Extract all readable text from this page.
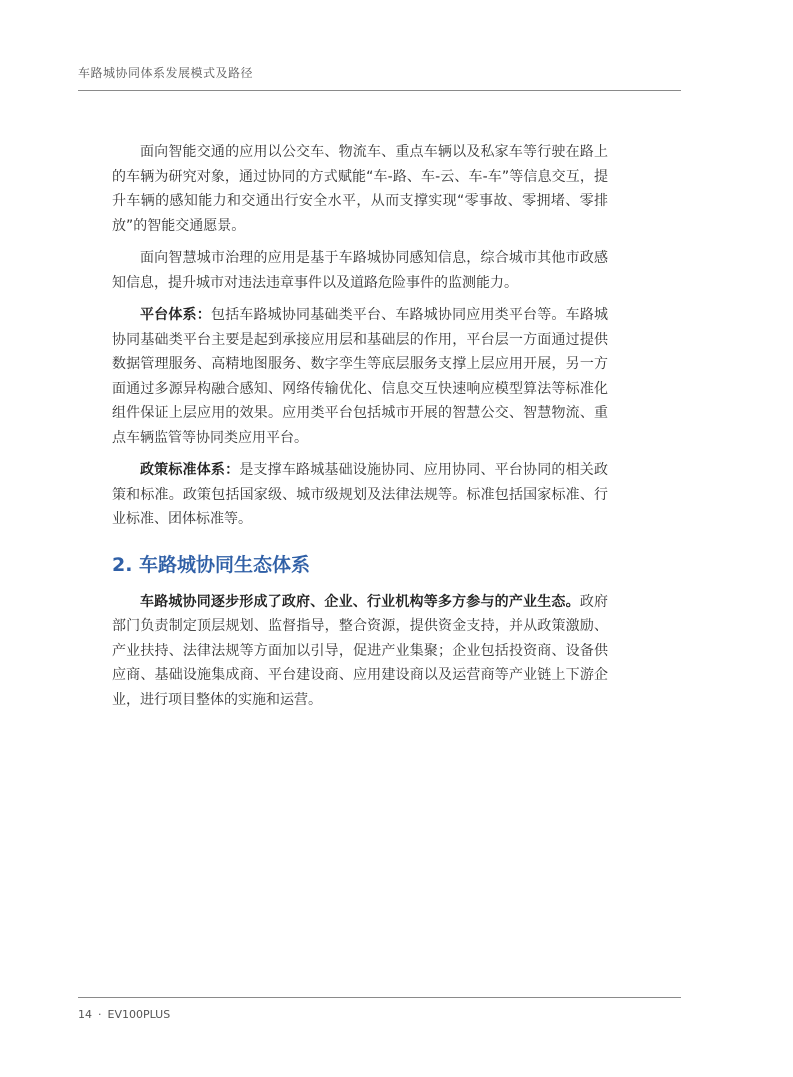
车路城协同体系发展模式及路径

面向智能交通的应用以公交车、物流车、重点车辆以及私家车等行驶在路上的车辆为研究对象，通过协同的方式赋能“车-路、车-云、车-车”等信息交互，提升车辆的感知能力和交通出行安全水平，从而支撑实现“零事故、零拥堵、零排放”的智能交通愿景。

面向智慧城市治理的应用是基于车路城协同感知信息，综合城市其他市政感知信息，提升城市对违法违章事件以及道路危险事件的监测能力。

平台体系：包括车路城协同基础类平台、车路城协同应用类平台等。车路城协同基础类平台主要是起到承接应用层和基础层的作用，平台层一方面通过提供数据管理服务、高精地图服务、数字孪生等底层服务支撑上层应用开展，另一方面通过多源异构融合感知、网络传输优化、信息交互快速响应模型算法等标准化组件保证上层应用的效果。应用类平台包括城市开展的智慧公交、智慧物流、重点车辆监管等协同类应用平台。

政策标准体系：是支撑车路城基础设施协同、应用协同、平台协同的相关政策和标准。政策包括国家级、城市级规划及法律法规等。标准包括国家标准、行业标准、团体标准等。

2. 车路城协同生态体系

车路城协同逐步形成了政府、企业、行业机构等多方参与的产业生态。政府部门负责制定顶层规划、监督指导，整合资源，提供资金支持，并从政策激励、产业扶持、法律法规等方面加以引导，促进产业集聚；企业包括投资商、设备供应商、基础设施集成商、平台建设商、应用建设商以及运营商等产业链上下游企业，进行项目整体的实施和运营。

14 · EV100PLUS
